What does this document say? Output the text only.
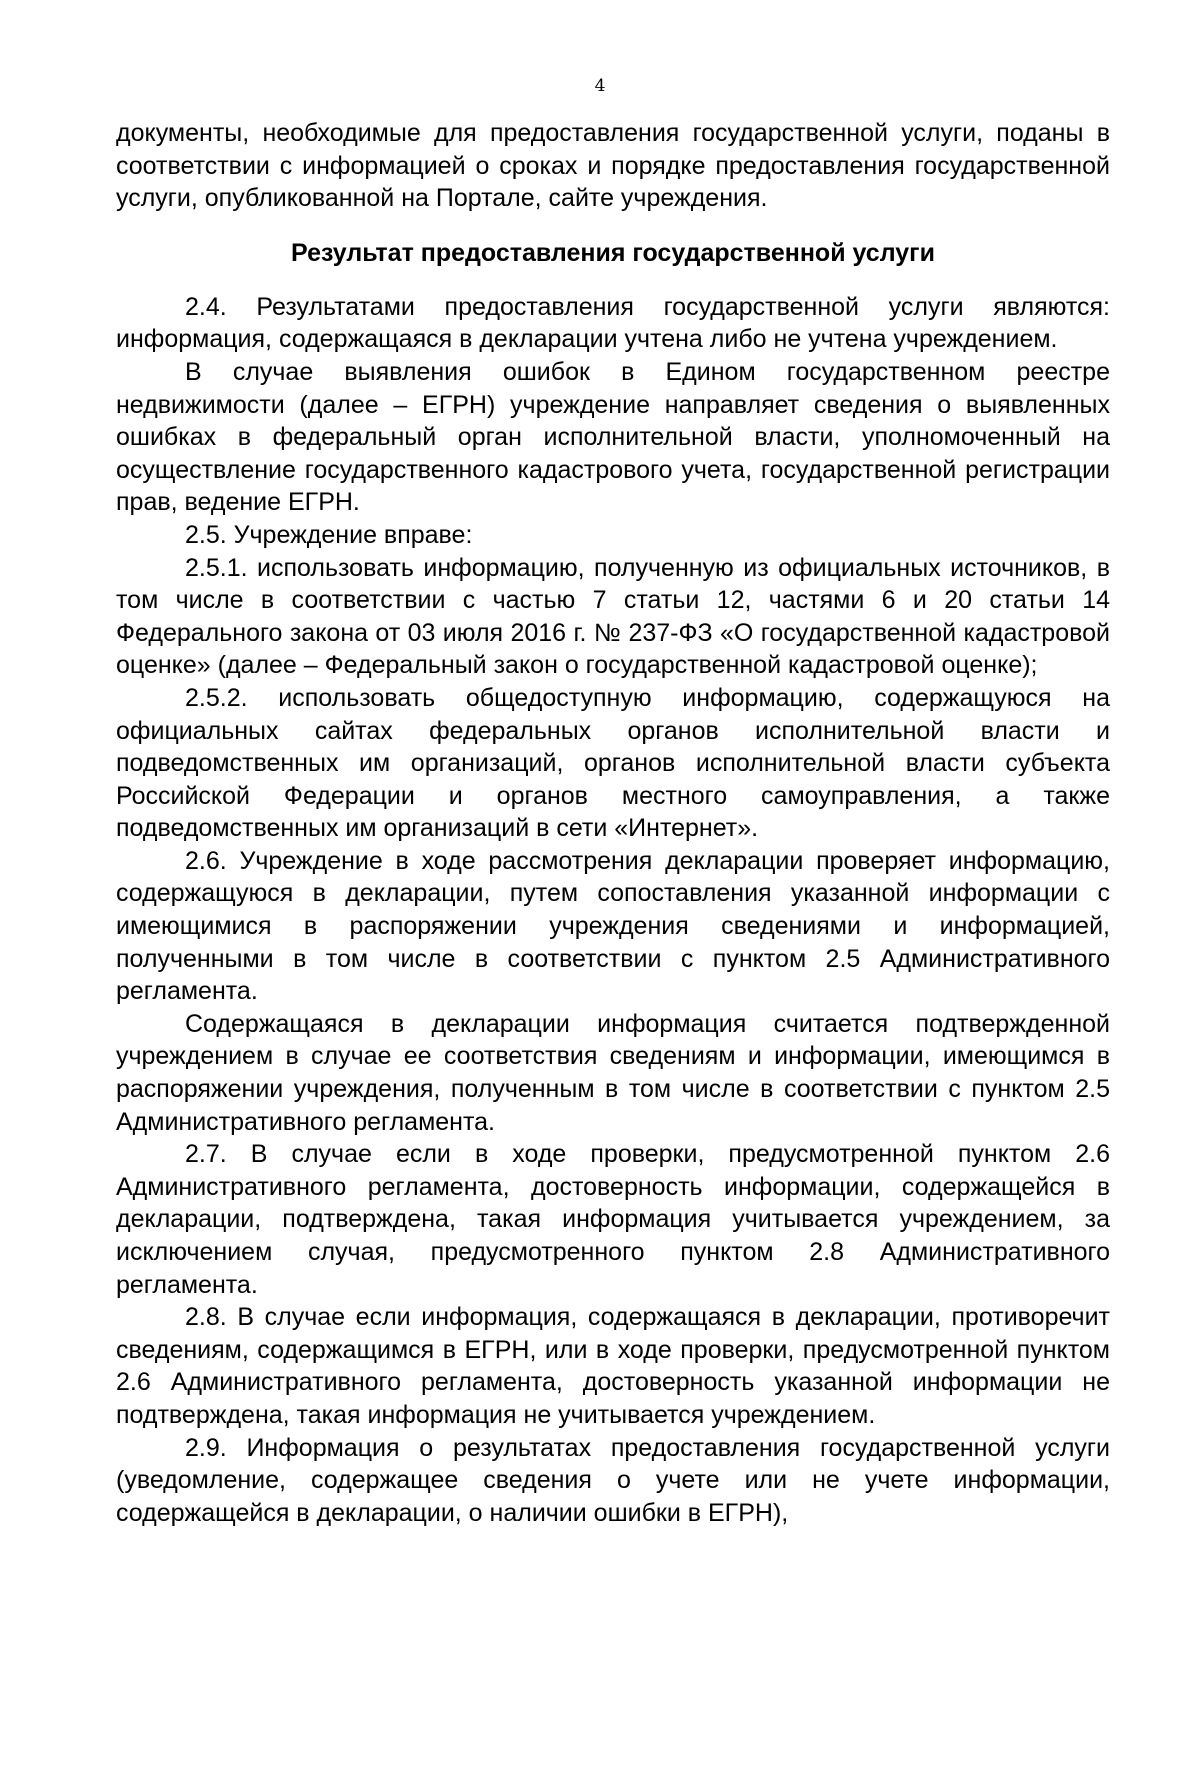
4

документы, необходимые для предоставления государственной услуги, поданы в соответствии с информацией о сроках и порядке предоставления государственной услуги, опубликованной на Портале, сайте учреждения.

Результат предоставления государственной услуги

2.4. Результатами предоставления государственной услуги являются: информация, содержащаяся в декларации учтена либо не учтена учреждением.

В случае выявления ошибок в Едином государственном реестре недвижимости (далее – ЕГРН) учреждение направляет сведения о выявленных ошибках в федеральный орган исполнительной власти, уполномоченный на осуществление государственного кадастрового учета, государственной регистрации прав, ведение ЕГРН.

2.5. Учреждение вправе:

2.5.1. использовать информацию, полученную из официальных источников, в том числе в соответствии с частью 7 статьи 12, частями 6 и 20 статьи 14 Федерального закона от 03 июля 2016 г. № 237-ФЗ «О государственной кадастровой оценке» (далее – Федеральный закон о государственной кадастровой оценке);

2.5.2. использовать общедоступную информацию, содержащуюся на официальных сайтах федеральных органов исполнительной власти и подведомственных им организаций, органов исполнительной власти субъекта Российской Федерации и органов местного самоуправления, а также подведомственных им организаций в сети «Интернет».

2.6. Учреждение в ходе рассмотрения декларации проверяет информацию, содержащуюся в декларации, путем сопоставления указанной информации с имеющимися в распоряжении учреждения сведениями и информацией, полученными в том числе в соответствии с пунктом 2.5 Административного регламента.

Содержащаяся в декларации информация считается подтвержденной учреждением в случае ее соответствия сведениям и информации, имеющимся в распоряжении учреждения, полученным в том числе в соответствии с пунктом 2.5 Административного регламента.

2.7. В случае если в ходе проверки, предусмотренной пунктом 2.6 Административного регламента, достоверность информации, содержащейся в декларации, подтверждена, такая информация учитывается учреждением, за исключением случая, предусмотренного пунктом 2.8 Административного регламента.

2.8. В случае если информация, содержащаяся в декларации, противоречит сведениям, содержащимся в ЕГРН, или в ходе проверки, предусмотренной пунктом 2.6 Административного регламента, достоверность указанной информации не подтверждена, такая информация не учитывается учреждением.

2.9. Информация о результатах предоставления государственной услуги (уведомление, содержащее сведения о учете или не учете информации, содержащейся в декларации, о наличии ошибки в ЕГРН),
